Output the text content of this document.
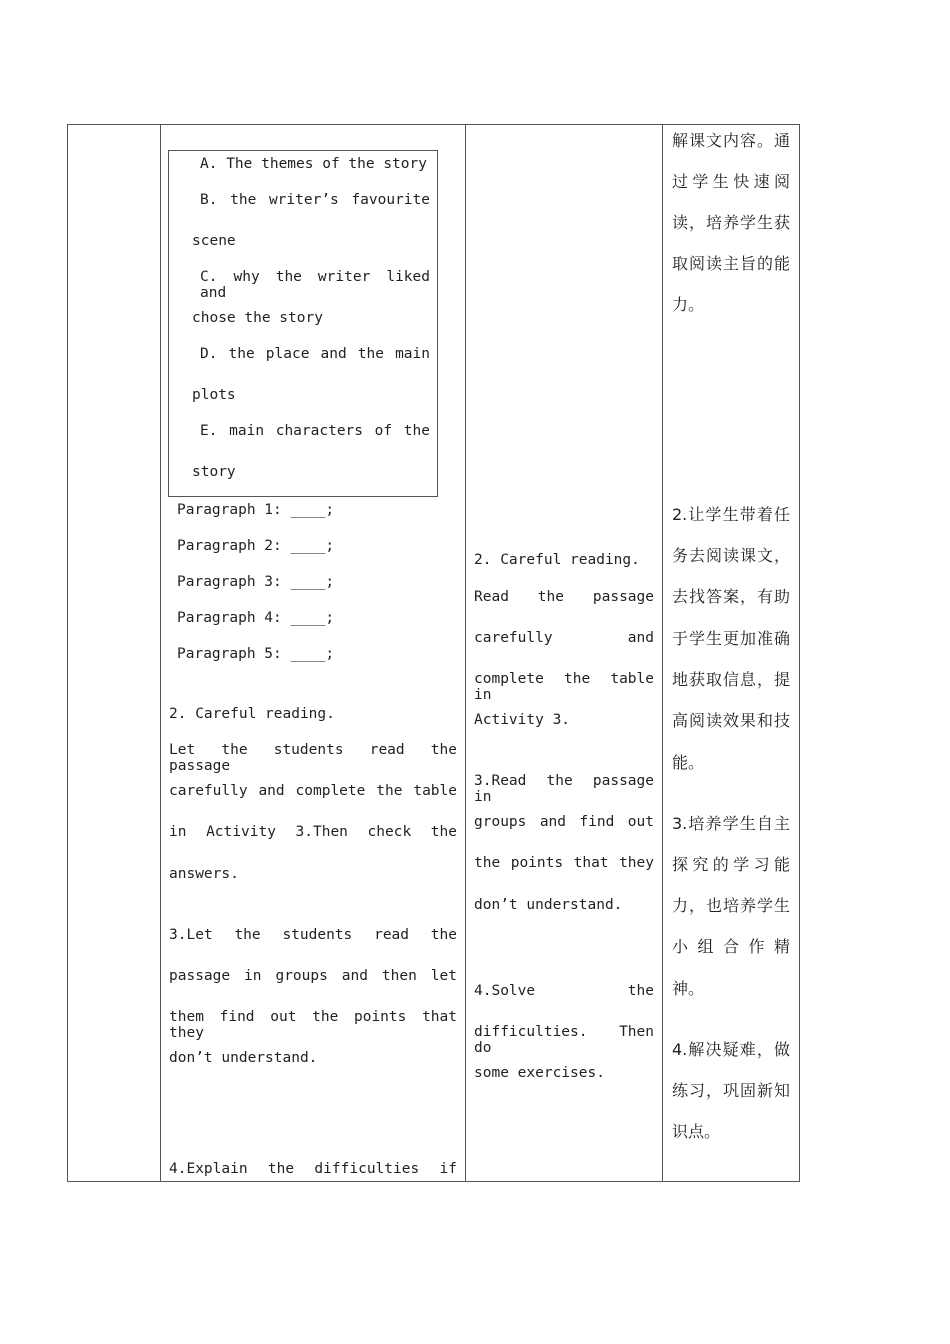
A. The themes of the story
B. the writer’s favourite
scene
C. why the writer liked and
chose the story
D. the place and the main
plots
E. main characters of the
story
Paragraph 1: ____;
Paragraph 2: ____;
Paragraph 3: ____;
Paragraph 4: ____;
Paragraph 5: ____;
2. Careful reading.
Let the students read the passage
carefully and complete the table
in Activity 3.Then check the
answers.
3.Let the students read the
passage in groups and then let
them find out the points that they
don’t understand.
4.Explain the difficulties if
2. Careful reading.
Read the passage
carefully and
complete the table in
Activity 3.
3.Read the passage in
groups and find out
the points that they
don’t understand.
4.Solve the
difficulties. Then do
some exercises.
解课文内容。通
过学生快速阅
读，培养学生获
取阅读主旨的能
力。
2.让学生带着任
务去阅读课文，
去找答案，有助
于学生更加准确
地获取信息，提
高阅读效果和技
能。
3.培养学生自主
探究的学习能
力，也培养学生
小组合作精
神。
4.解决疑难，做
练习，巩固新知
识点。
